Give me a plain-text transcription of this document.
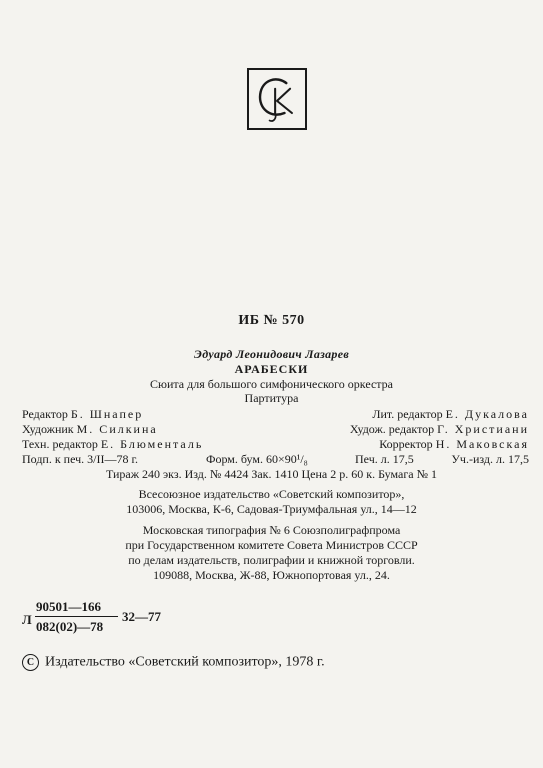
ИБ № 570
Эдуард Леонидович Лазарев
АРАБЕСКИ
Сюита для большого симфонического оркестра
Партитура
Редактор Б. Шнапер	Лит. редактор Е. Дукалова
Художник М. Силкина	Худож. редактор Г. Христиани
Техн. редактор Е. Блюменталь	Корректор Н. Маковская
Подп. к печ. 3/II—78 г.	Форм. бум. 60×90¹/₈	Печ. л. 17,5	Уч.-изд. л. 17,5
Тираж 240 экз. Изд. № 4424 Зак. 1410 Цена 2 р. 60 к. Бумага № 1
Всесоюзное издательство «Советский композитор»,
103006, Москва, К-6, Садовая-Триумфальная ул., 14—12
Московская типография № 6 Союзполиграфпрома
при Государственном комитете Совета Министров СССР
по делам издательств, полиграфии и книжной торговли.
109088, Москва, Ж-88, Южнопортовая ул., 24.
Л
90501—166
082(02)—78
32—77
С Издательство «Советский композитор», 1978 г.
